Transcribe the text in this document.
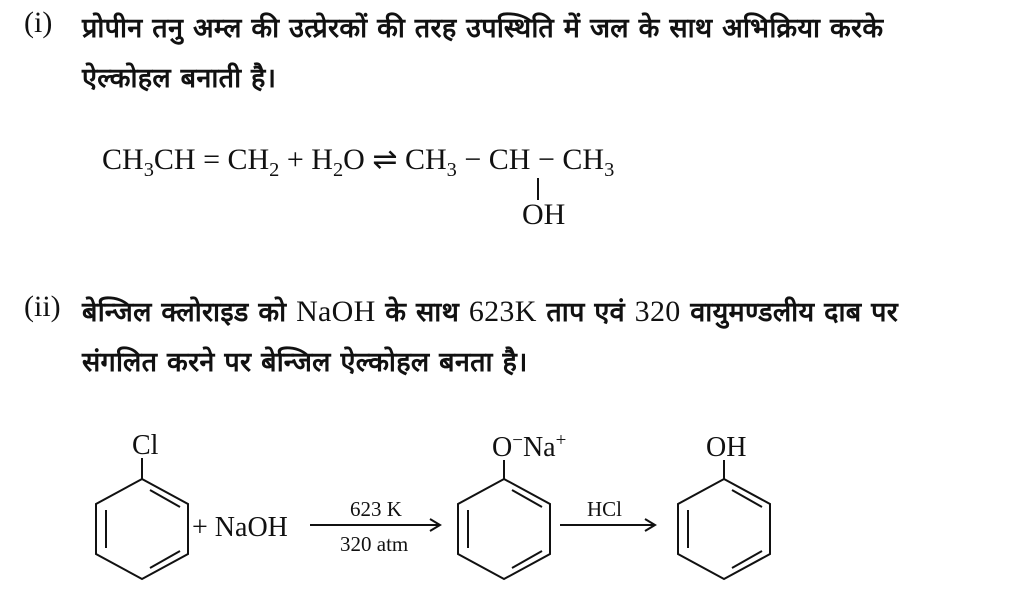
(i) प्रोपीन तनु अम्ल की उत्प्रेरकों की तरह उपस्थिति में जल के साथ अभिक्रिया करके
ऐल्कोहल बनाती है।
$CH_3CH = CH_2 + H_2O$ ⇌ $CH_3$ − CH − $CH_3$
OH
(ii) बेन्जिल क्लोराइड को NaOH के साथ 623K ताप एवं 320 वायुमण्डलीय दाब पर
संगलित करने पर बेन्जिल ऐल्कोहल बनता है।
Cl
+ NaOH
623 K
320 atm
O−Na+
HCl
OH
